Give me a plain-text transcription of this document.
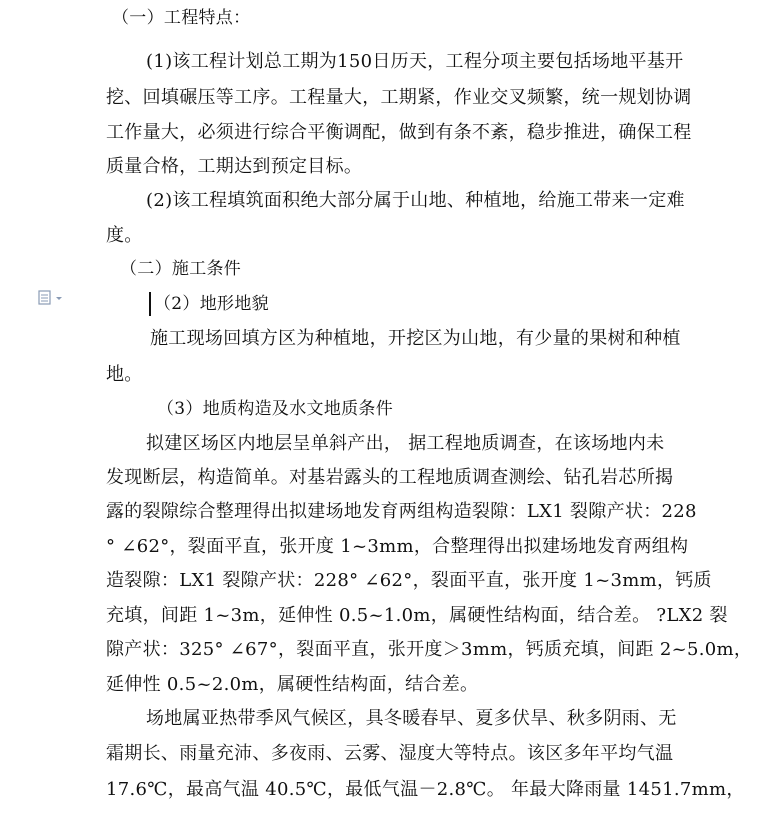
（一）工程特点：
(1)该工程计划总工期为150日历天，工程分项主要包括场地平基开
挖、回填碾压等工序。工程量大，工期紧，作业交叉频繁，统一规划协调
工作量大，必须进行综合平衡调配，做到有条不紊，稳步推进，确保工程
质量合格，工期达到预定目标。
(2)该工程填筑面积绝大部分属于山地、种植地，给施工带来一定难
度。
（二）施工条件
（2）地形地貌
施工现场回填方区为种植地，开挖区为山地，有少量的果树和种植
地。
（3）地质构造及水文地质条件
拟建区场区内地层呈单斜产出， 据工程地质调查，在该场地内未
发现断层，构造简单。对基岩露头的工程地质调查测绘、钻孔岩芯所揭
露的裂隙综合整理得出拟建场地发育两组构造裂隙：LX1 裂隙产状：228
° ∠62°，裂面平直，张开度 1~3mm，合整理得出拟建场地发育两组构
造裂隙：LX1 裂隙产状：228° ∠62°，裂面平直，张开度 1~3mm，钙质
充填，间距 1~3m，延伸性 0.5~1.0m，属硬性结构面，结合差。 ?LX2 裂
隙产状：325° ∠67°，裂面平直，张开度＞3mm，钙质充填，间距 2~5.0m，
延伸性 0.5~2.0m，属硬性结构面，结合差。
场地属亚热带季风气候区，具冬暖春早、夏多伏旱、秋多阴雨、无
霜期长、雨量充沛、多夜雨、云雾、湿度大等特点。该区多年平均气温
17.6℃，最高气温 40.5℃，最低气温－2.8℃。 年最大降雨量 1451.7mm，
